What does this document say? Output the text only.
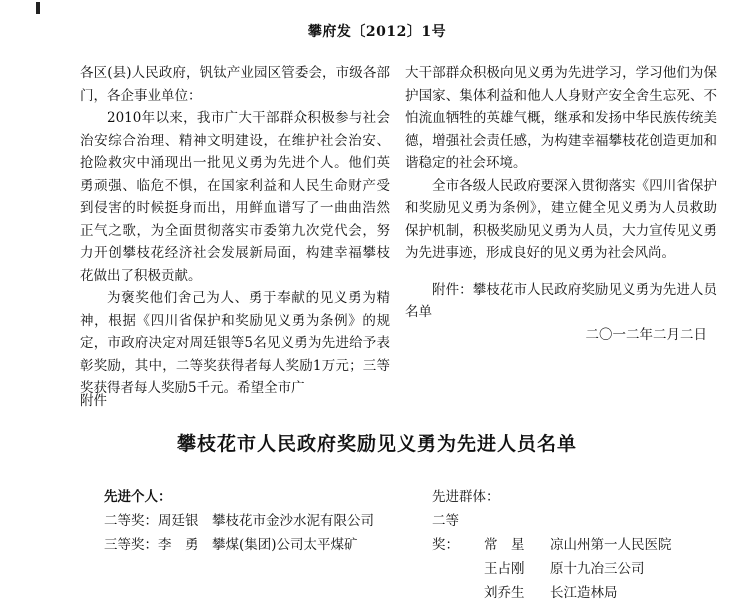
攀府发〔2012〕1号

各区(县)人民政府，钒钛产业园区管委会，市级各部门，各企事业单位：

2010年以来，我市广大干部群众积极参与社会治安综合治理、精神文明建设，在维护社会治安、抢险救灾中涌现出一批见义勇为先进个人。他们英勇顽强、临危不惧，在国家利益和人民生命财产受到侵害的时候挺身而出，用鲜血谱写了一曲曲浩然正气之歌，为全面贯彻落实市委第九次党代会，努力开创攀枝花经济社会发展新局面，构建幸福攀枝花做出了积极贡献。

为褒奖他们舍己为人、勇于奉献的见义勇为精神，根据《四川省保护和奖励见义勇为条例》的规定，市政府决定对周廷银等5名见义勇为先进给予表彰奖励，其中，二等奖获得者每人奖励1万元；三等奖获得者每人奖励5千元。希望全市广

大干部群众积极向见义勇为先进学习，学习他们为保护国家、集体利益和他人人身财产安全舍生忘死、不怕流血牺牲的英雄气概，继承和发扬中华民族传统美德，增强社会责任感，为构建幸福攀枝花创造更加和谐稳定的社会环境。

全市各级人民政府要深入贯彻落实《四川省保护和奖励见义勇为条例》，建立健全见义勇为人员救助保护机制，积极奖励见义勇为人员，大力宣传见义勇为先进事迹，形成良好的见义勇为社会风尚。

附件：攀枝花市人民政府奖励见义勇为先进人员名单

二〇一二年二月二日

附件
攀枝花市人民政府奖励见义勇为先进人员名单

先进个人：

二等奖：周廷银　 攀枝花市金沙水泥有限公司

三等奖：李　勇　 攀煤(集团)公司太平煤矿

先进群体：

二等奖： 常　星 凉山州第一人民医院

王占刚 原十九冶三公司

刘乔生 长江造林局
